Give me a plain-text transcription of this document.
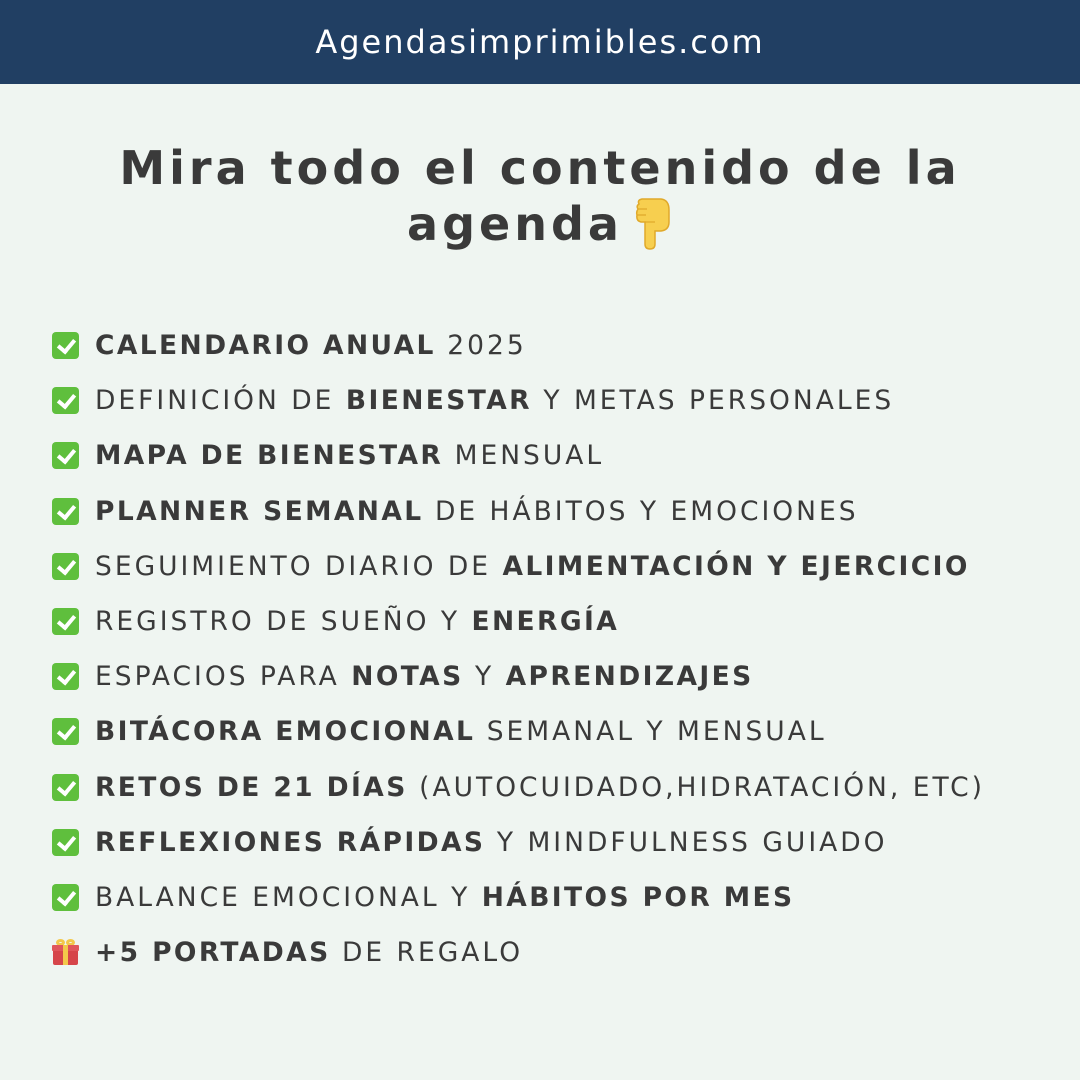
Agendasimprimibles.com
Mira todo el contenido de la
agenda
CALENDARIO ANUAL 2025
DEFINICIÓN DE BIENESTAR Y METAS PERSONALES
MAPA DE BIENESTAR MENSUAL
PLANNER SEMANAL DE HÁBITOS Y EMOCIONES
SEGUIMIENTO DIARIO DE ALIMENTACIÓN Y EJERCICIO
REGISTRO DE SUEÑO Y ENERGÍA
ESPACIOS PARA NOTAS Y APRENDIZAJES
BITÁCORA EMOCIONAL SEMANAL Y MENSUAL
RETOS DE 21 DÍAS (AUTOCUIDADO,HIDRATACIÓN, ETC)
REFLEXIONES RÁPIDAS Y MINDFULNESS GUIADO
BALANCE EMOCIONAL Y HÁBITOS POR MES
+5 PORTADAS DE REGALO
